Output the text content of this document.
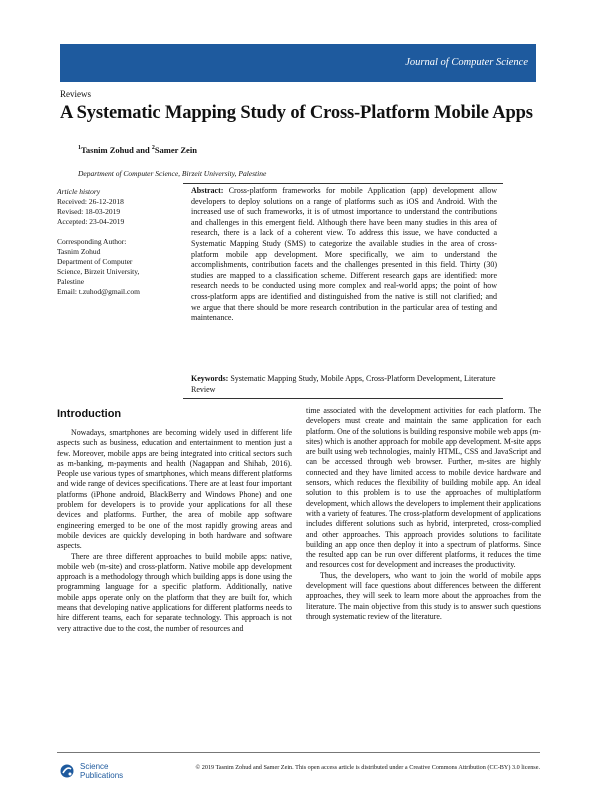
Journal of Computer Science
Reviews
A Systematic Mapping Study of Cross-Platform Mobile Apps
$^1$Tasnim Zohud and $^2$Samer Zein
Department of Computer Science, Birzeit University, Palestine
Article history
Received: 26-12-2018
Revised: 18-03-2019
Accepted: 23-04-2019
Corresponding Author:
Tasnim Zohud
Department of Computer
Science, Birzeit University,
Palestine
Email: t.zuhod@gmail.com
Abstract: Cross-platform frameworks for mobile Application (app) development allow developers to deploy solutions on a range of platforms such as iOS and Android. With the increased use of such frameworks, it is of utmost importance to understand the contributions and challenges in this emergent field. Although there have been many studies in this area of research, there is a lack of a coherent view. To address this issue, we have conducted a Systematic Mapping Study (SMS) to categorize the available studies in the area of cross-platform mobile app development. More specifically, we aim to understand the accomplishments, contribution facets and the challenges presented in this field. Thirty (30) studies are mapped to a classification scheme. Different research gaps are identified: more research needs to be conducted using more complex and real-world apps; the point of how cross-platform apps are identified and distinguished from the native is still not clarified; and we argue that there should be more research contribution in the particular area of testing and maintenance.
Keywords: Systematic Mapping Study, Mobile Apps, Cross-Platform Development, Literature Review
Introduction

Nowadays, smartphones are becoming widely used in different life aspects such as business, education and entertainment to mention just a few. Moreover, mobile apps are being integrated into critical sectors such as m-banking, m-payments and health (Nagappan and Shihab, 2016). People use various types of smartphones, which means different platforms and wide range of devices specifications. There are at least four important platforms (iPhone android, BlackBerry and Windows Phone) and one problem for developers is to provide your applications for all these devices and platforms. Further, the area of mobile app software engineering emerged to be one of the most rapidly growing areas and mobile devices are quickly developing in both hardware and software aspects.

There are three different approaches to build mobile apps: native, mobile web (m-site) and cross-platform. Native mobile app development approach is a methodology through which building apps is done using the programming language for a specific platform. Additionally, native mobile apps operate only on the platform that they are built for, which means that developing native applications for different platforms needs to hire different teams, each for separate technology. This approach is not very attractive due to the cost, the number of resources and

time associated with the development activities for each platform. The developers must create and maintain the same application for each platform. One of the solutions is building responsive mobile web apps (m-sites) which is another approach for mobile app development. M-site apps are built using web technologies, mainly HTML, CSS and JavaScript and can be accessed through web browser. Further, m-sites are highly connected and they have limited access to mobile device hardware and sensors, which reduces the flexibility of building mobile app. An ideal solution to this problem is to use the approaches of multiplatform development, which allows the developers to implement their applications with a variety of features. The cross-platform development of applications includes different solutions such as hybrid, interpreted, cross-complied and other approaches. This approach provides solutions to facilitate building an app once then deploy it into a spectrum of platforms. Since the resulted app can be run over different platforms, it reduces the time and resources cost for development and increases the productivity.

Thus, the developers, who want to join the world of mobile apps development will face questions about differences between the different approaches, they will seek to learn more about the approaches from the literature. The main objective from this study is to answer such questions through systematic review of the literature.

Science
Publications
© 2019 Tasnim Zohud and Samer Zein. This open access article is distributed under a Creative Commons Attribution (CC-BY) 3.0 license.
